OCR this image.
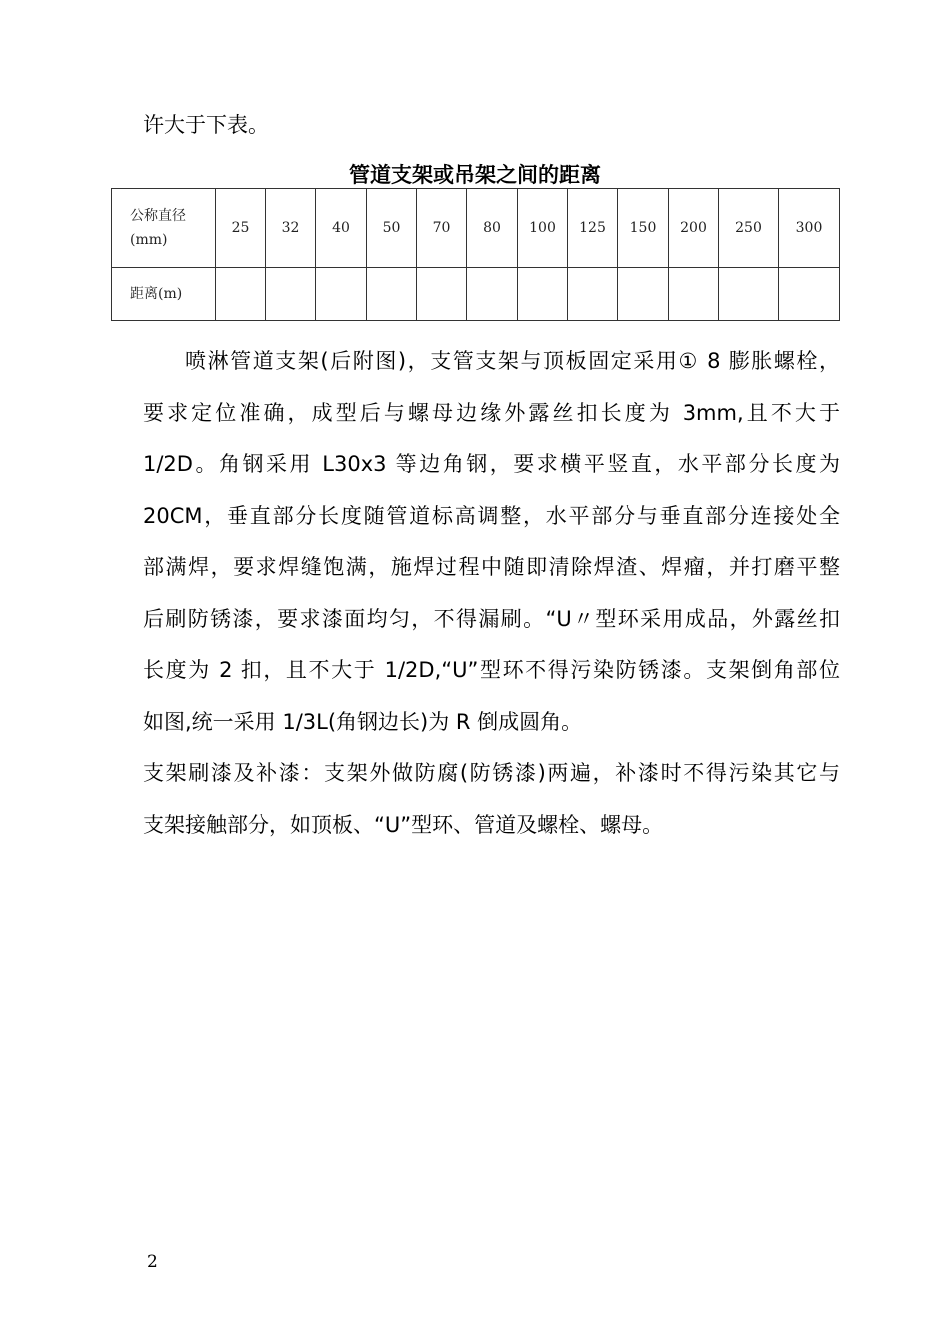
许大于下表。
管道支架或吊架之间的距离
公称直径
(mm)	25	32	40	50	70	80	100	125	150	200	250	300
距离(m)												
喷淋管道支架(后附图)，支管支架与顶板固定采用① 8 膨胀螺栓，
要求定位准确，成型后与螺母边缘外露丝扣长度为 3mm,且不大于
1/2D。角钢采用 L30x3 等边角钢，要求横平竖直，水平部分长度为
20CM，垂直部分长度随管道标高调整，水平部分与垂直部分连接处全
部满焊，要求焊缝饱满，施焊过程中随即清除焊渣、焊瘤，并打磨平整
后刷防锈漆，要求漆面均匀，不得漏刷。“U〃型环采用成品，外露丝扣
长度为 2 扣，且不大于 1/2D,“U”型环不得污染防锈漆。支架倒角部位
如图,统一采用 1/3L(角钢边长)为 R 倒成圆角。
支架刷漆及补漆：支架外做防腐(防锈漆)两遍，补漆时不得污染其它与
支架接触部分，如顶板、“U”型环、管道及螺栓、螺母。
2
